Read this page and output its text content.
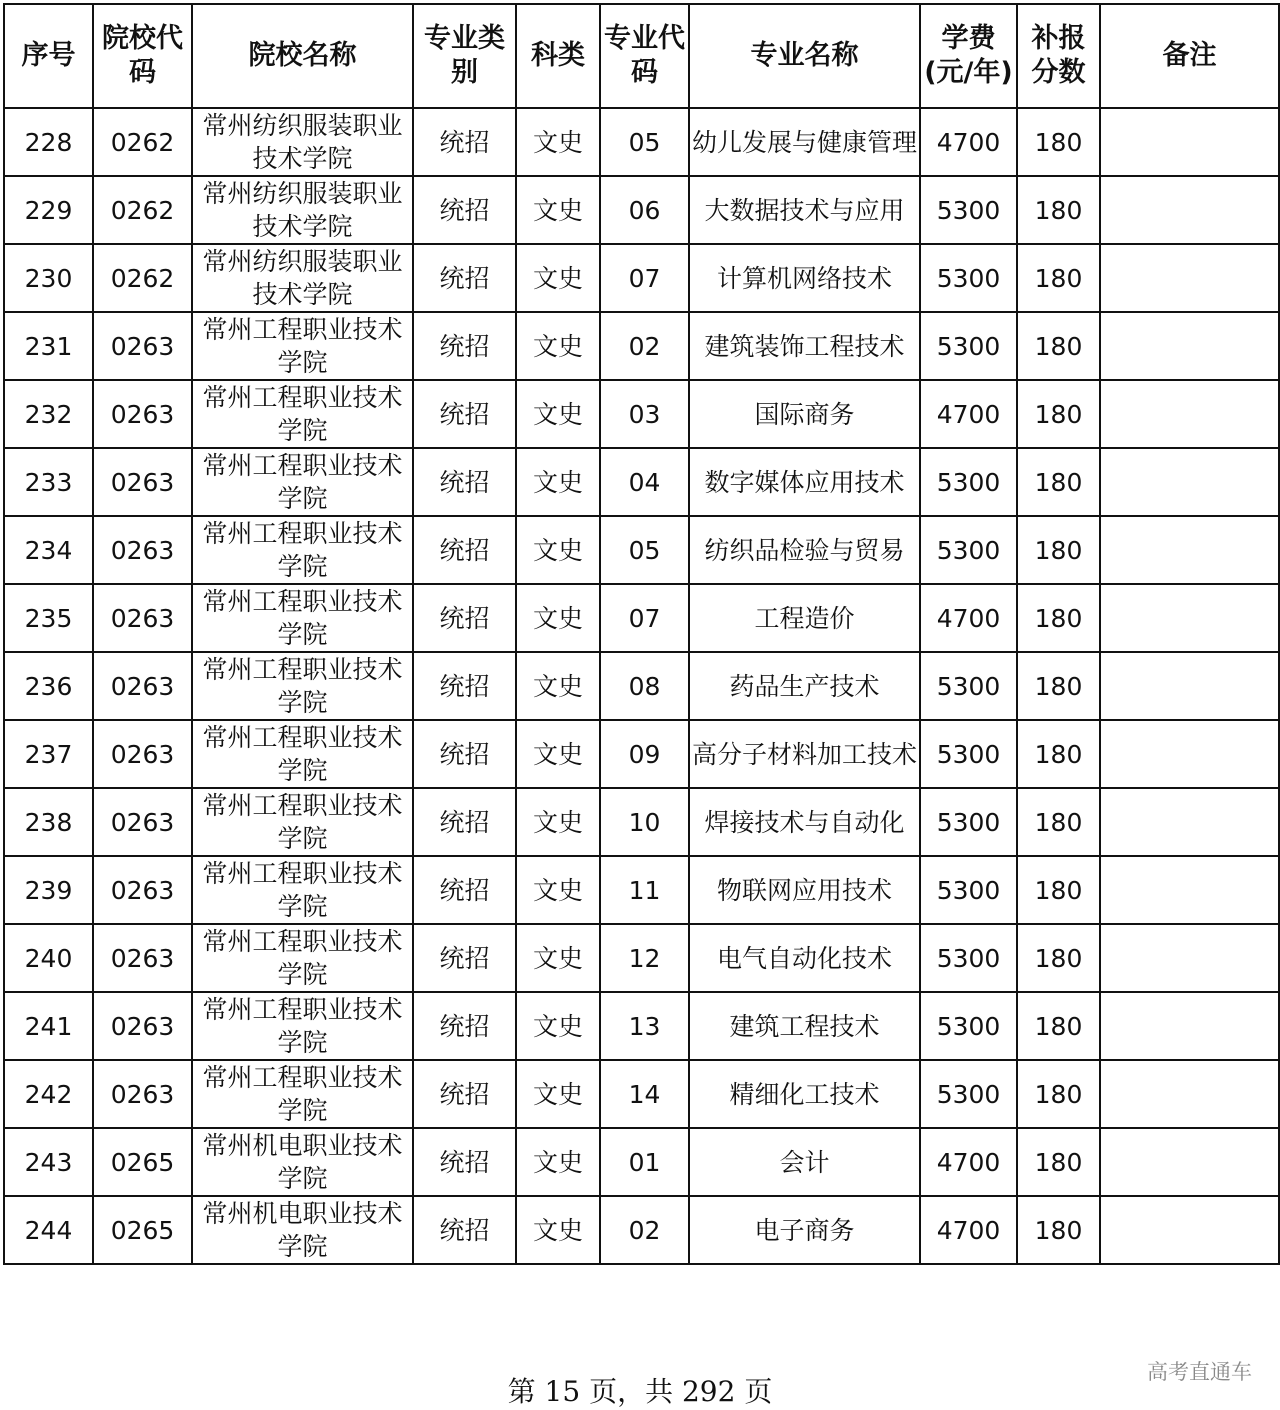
序号	院校代码	院校名称	专业类别	科类	专业代码	专业名称	学费(元/年)	补报分数	备注
228	0262	常州纺织服装职业技术学院	统招	文史	05	幼儿发展与健康管理	4700	180	
229	0262	常州纺织服装职业技术学院	统招	文史	06	大数据技术与应用	5300	180	
230	0262	常州纺织服装职业技术学院	统招	文史	07	计算机网络技术	5300	180	
231	0263	常州工程职业技术学院	统招	文史	02	建筑装饰工程技术	5300	180	
232	0263	常州工程职业技术学院	统招	文史	03	国际商务	4700	180	
233	0263	常州工程职业技术学院	统招	文史	04	数字媒体应用技术	5300	180	
234	0263	常州工程职业技术学院	统招	文史	05	纺织品检验与贸易	5300	180	
235	0263	常州工程职业技术学院	统招	文史	07	工程造价	4700	180	
236	0263	常州工程职业技术学院	统招	文史	08	药品生产技术	5300	180	
237	0263	常州工程职业技术学院	统招	文史	09	高分子材料加工技术	5300	180	
238	0263	常州工程职业技术学院	统招	文史	10	焊接技术与自动化	5300	180	
239	0263	常州工程职业技术学院	统招	文史	11	物联网应用技术	5300	180	
240	0263	常州工程职业技术学院	统招	文史	12	电气自动化技术	5300	180	
241	0263	常州工程职业技术学院	统招	文史	13	建筑工程技术	5300	180	
242	0263	常州工程职业技术学院	统招	文史	14	精细化工技术	5300	180	
243	0265	常州机电职业技术学院	统招	文史	01	会计	4700	180	
244	0265	常州机电职业技术学院	统招	文史	02	电子商务	4700	180	
第 15 页，共 292 页
高考直通车
